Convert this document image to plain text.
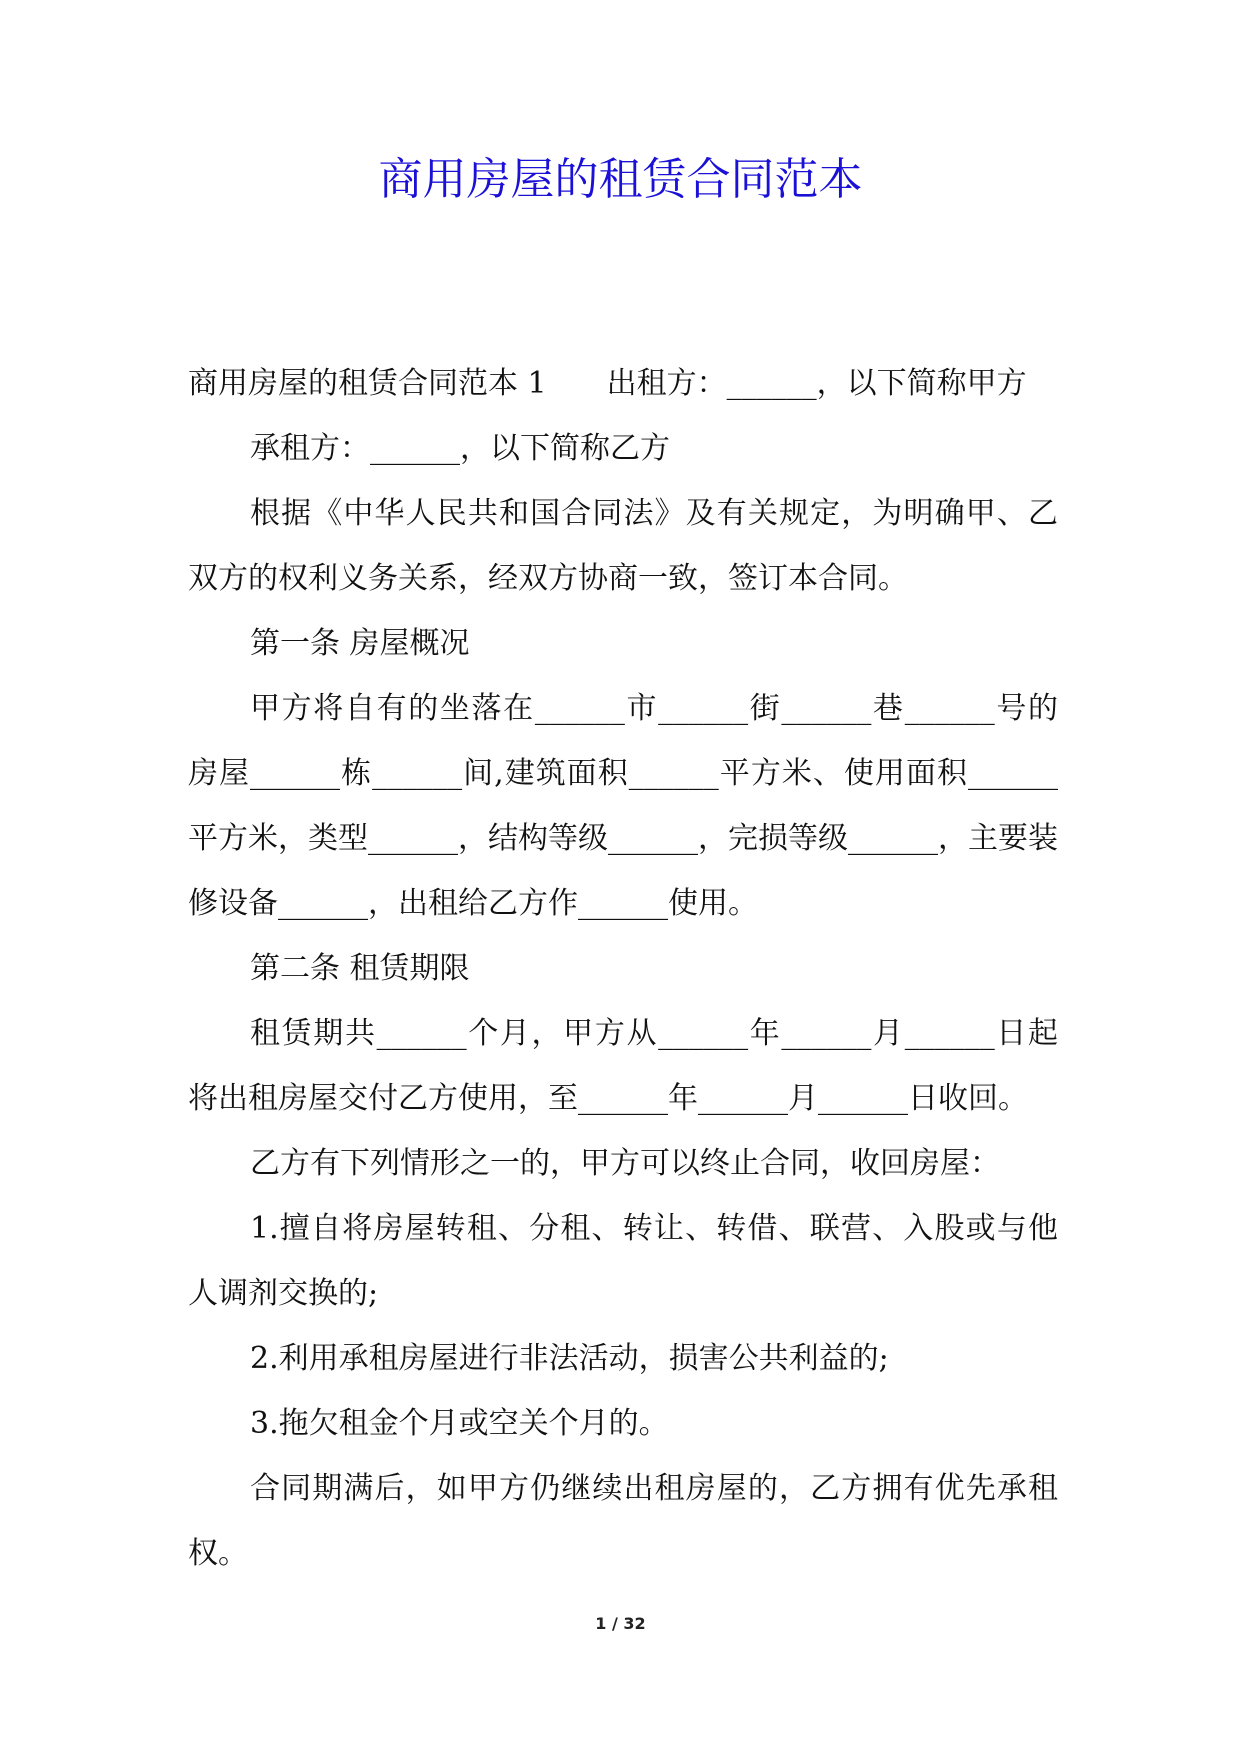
商用房屋的租赁合同范本

商用房屋的租赁合同范本 1　　出租方：______，以下简称甲方

承租方：______，以下简称乙方

根据《中华人民共和国合同法》及有关规定，为明确甲、乙双方的权利义务关系，经双方协商一致，签订本合同。

第一条 房屋概况

甲方将自有的坐落在______市______街______巷______号的房屋______栋______间,建筑面积______平方米、使用面积______平方米，类型______，结构等级______，完损等级______，主要装修设备______，出租给乙方作______使用。

第二条 租赁期限

租赁期共______个月，甲方从______年______月______日起将出租房屋交付乙方使用，至______年______月______日收回。

乙方有下列情形之一的，甲方可以终止合同，收回房屋：

1.擅自将房屋转租、分租、转让、转借、联营、入股或与他人调剂交换的;

2.利用承租房屋进行非法活动，损害公共利益的;

3.拖欠租金个月或空关个月的。

合同期满后，如甲方仍继续出租房屋的，乙方拥有优先承租权。

1 / 32
